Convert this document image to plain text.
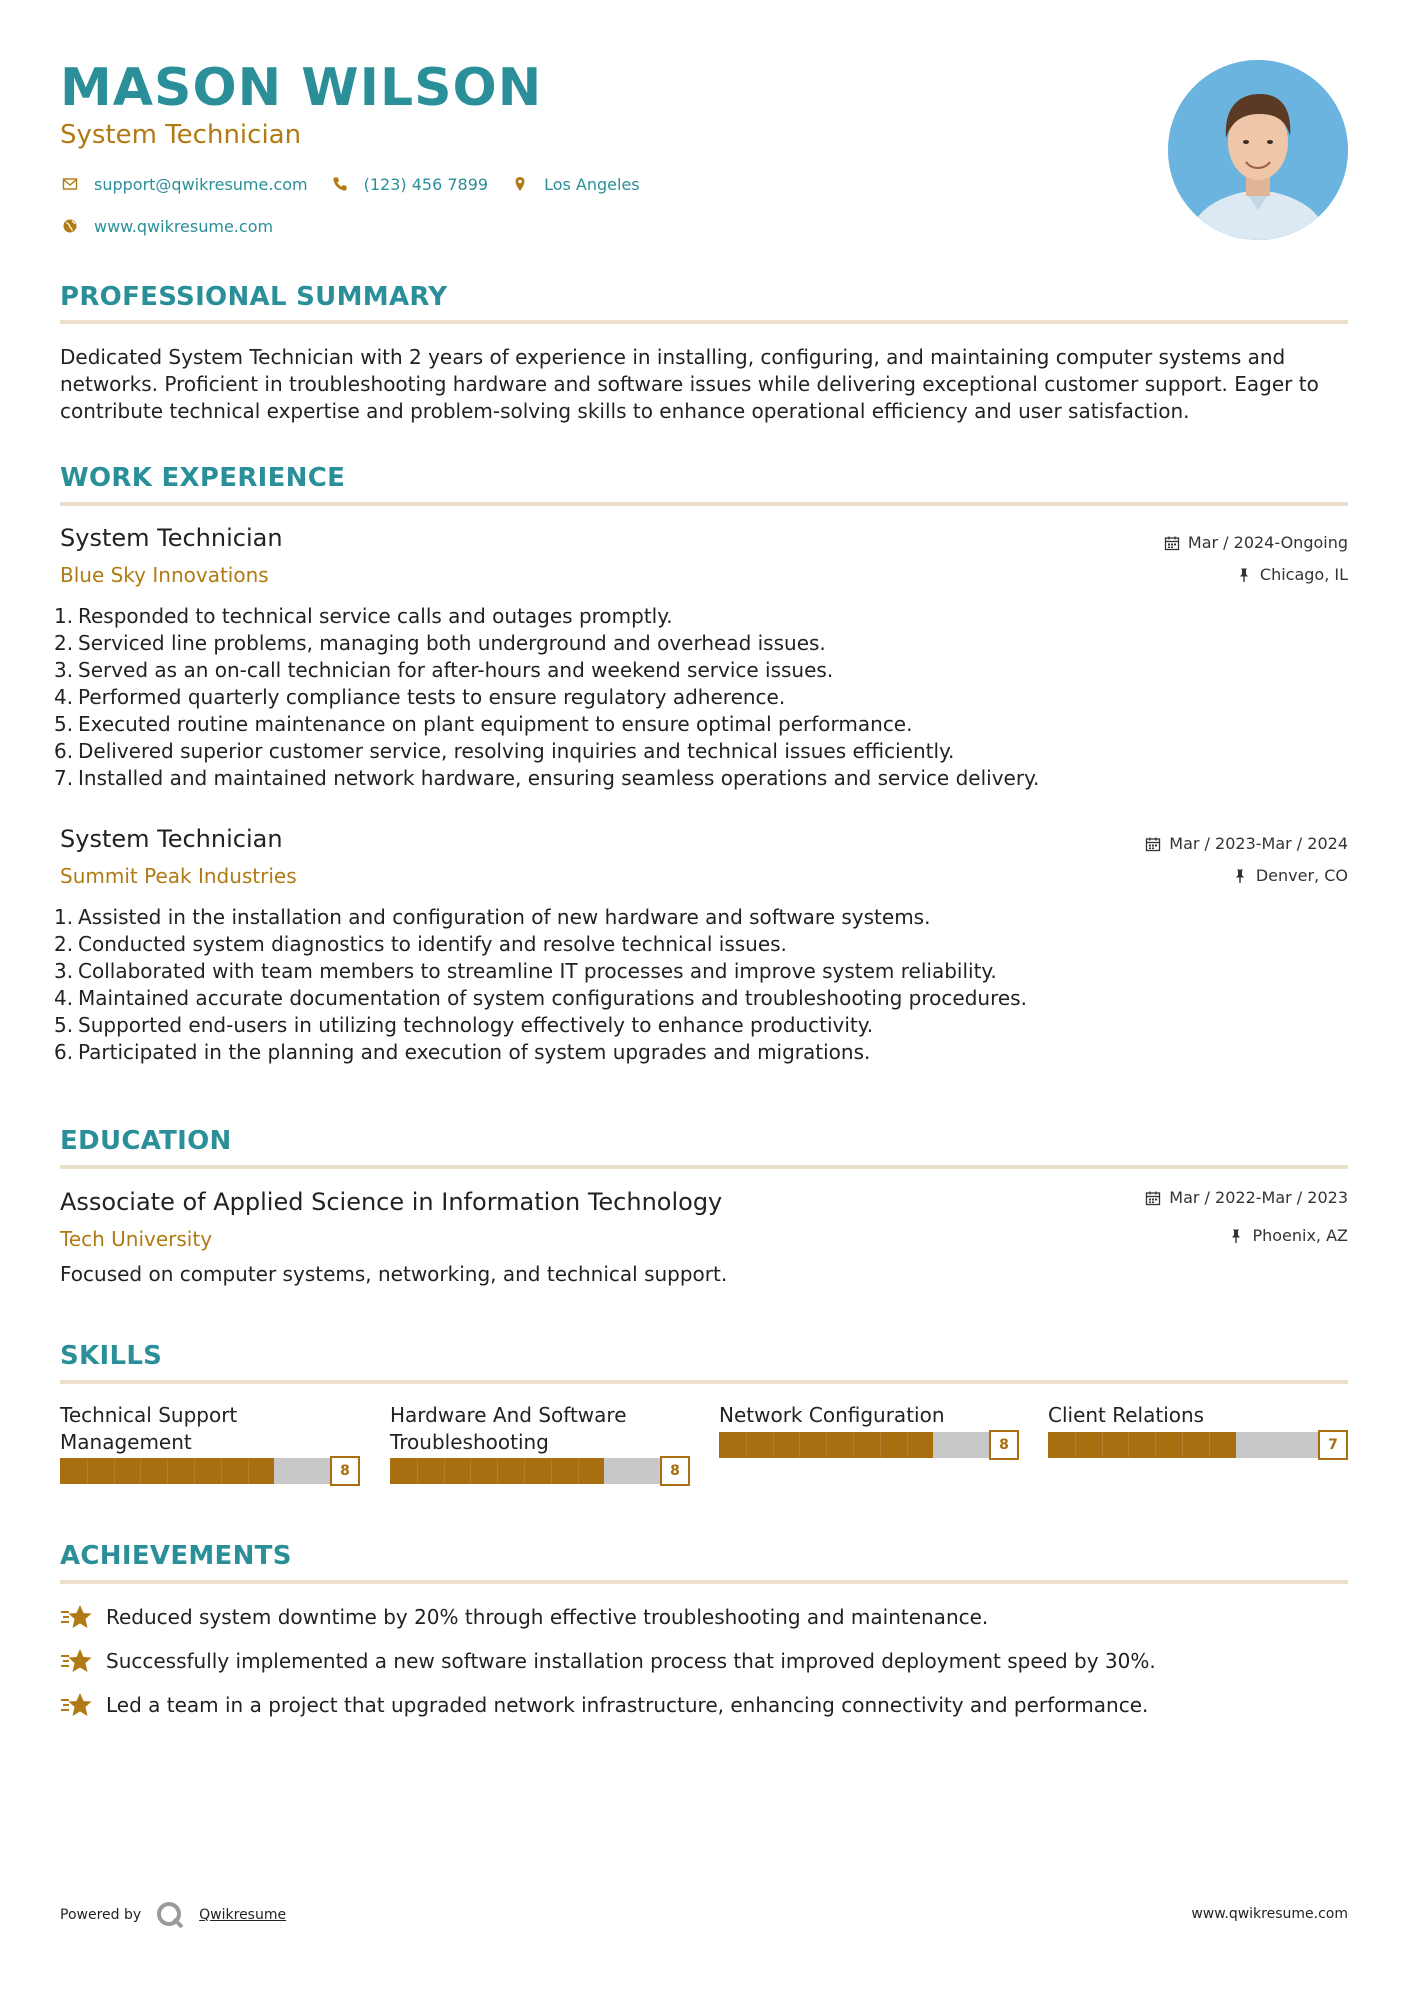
MASON WILSON
System Technician
support@qwikresume.com	(123) 456 7899	Los Angeles
www.qwikresume.com
PROFESSIONAL SUMMARY
Dedicated System Technician with 2 years of experience in installing, configuring, and maintaining computer systems and networks. Proficient in troubleshooting hardware and software issues while delivering exceptional customer support. Eager to contribute technical expertise and problem-solving skills to enhance operational efficiency and user satisfaction.
WORK EXPERIENCE
System Technician
Blue Sky Innovations
Mar / 2024-Ongoing
Chicago, IL
1. Responded to technical service calls and outages promptly.
2. Serviced line problems, managing both underground and overhead issues.
3. Served as an on-call technician for after-hours and weekend service issues.
4. Performed quarterly compliance tests to ensure regulatory adherence.
5. Executed routine maintenance on plant equipment to ensure optimal performance.
6. Delivered superior customer service, resolving inquiries and technical issues efficiently.
7. Installed and maintained network hardware, ensuring seamless operations and service delivery.
System Technician
Summit Peak Industries
Mar / 2023-Mar / 2024
Denver, CO
1. Assisted in the installation and configuration of new hardware and software systems.
2. Conducted system diagnostics to identify and resolve technical issues.
3. Collaborated with team members to streamline IT processes and improve system reliability.
4. Maintained accurate documentation of system configurations and troubleshooting procedures.
5. Supported end-users in utilizing technology effectively to enhance productivity.
6. Participated in the planning and execution of system upgrades and migrations.
EDUCATION
Associate of Applied Science in Information Technology
Tech University
Mar / 2022-Mar / 2023
Phoenix, AZ
Focused on computer systems, networking, and technical support.
SKILLS
Technical Support Management
8
Hardware And Software Troubleshooting
8
Network Configuration
8
Client Relations
7
ACHIEVEMENTS
Reduced system downtime by 20% through effective troubleshooting and maintenance.
Successfully implemented a new software installation process that improved deployment speed by 30%.
Led a team in a project that upgraded network infrastructure, enhancing connectivity and performance.
Powered by	Qwikresume	www.qwikresume.com
